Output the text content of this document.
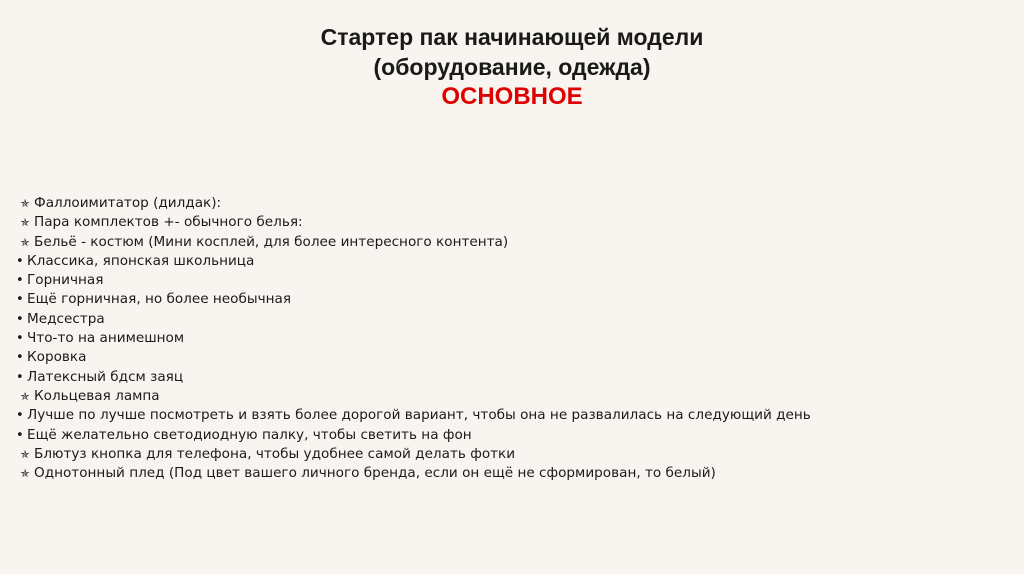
Стартер пак начинающей модели
(оборудование, одежда)
ОСНОВНОЕ
✯ Фаллоимитатор (дилдак):
✯ Пара комплектов +- обычного белья:
✯ Бельё - костюм (Мини косплей, для более интересного контента)
• Классика, японская школьница
• Горничная
• Ещё горничная, но более необычная
• Медсестра
• Что-то на анимешном
• Коровка
• Латексный бдсм заяц
✯ Кольцевая лампа
• Лучше по лучше посмотреть и взять более дорогой вариант, чтобы она не развалилась на следующий день
• Ещё желательно светодиодную палку, чтобы светить на фон
✯ Блютуз кнопка для телефона, чтобы удобнее самой делать фотки
✯ Однотонный плед (Под цвет вашего личного бренда, если он ещё не сформирован, то белый)
